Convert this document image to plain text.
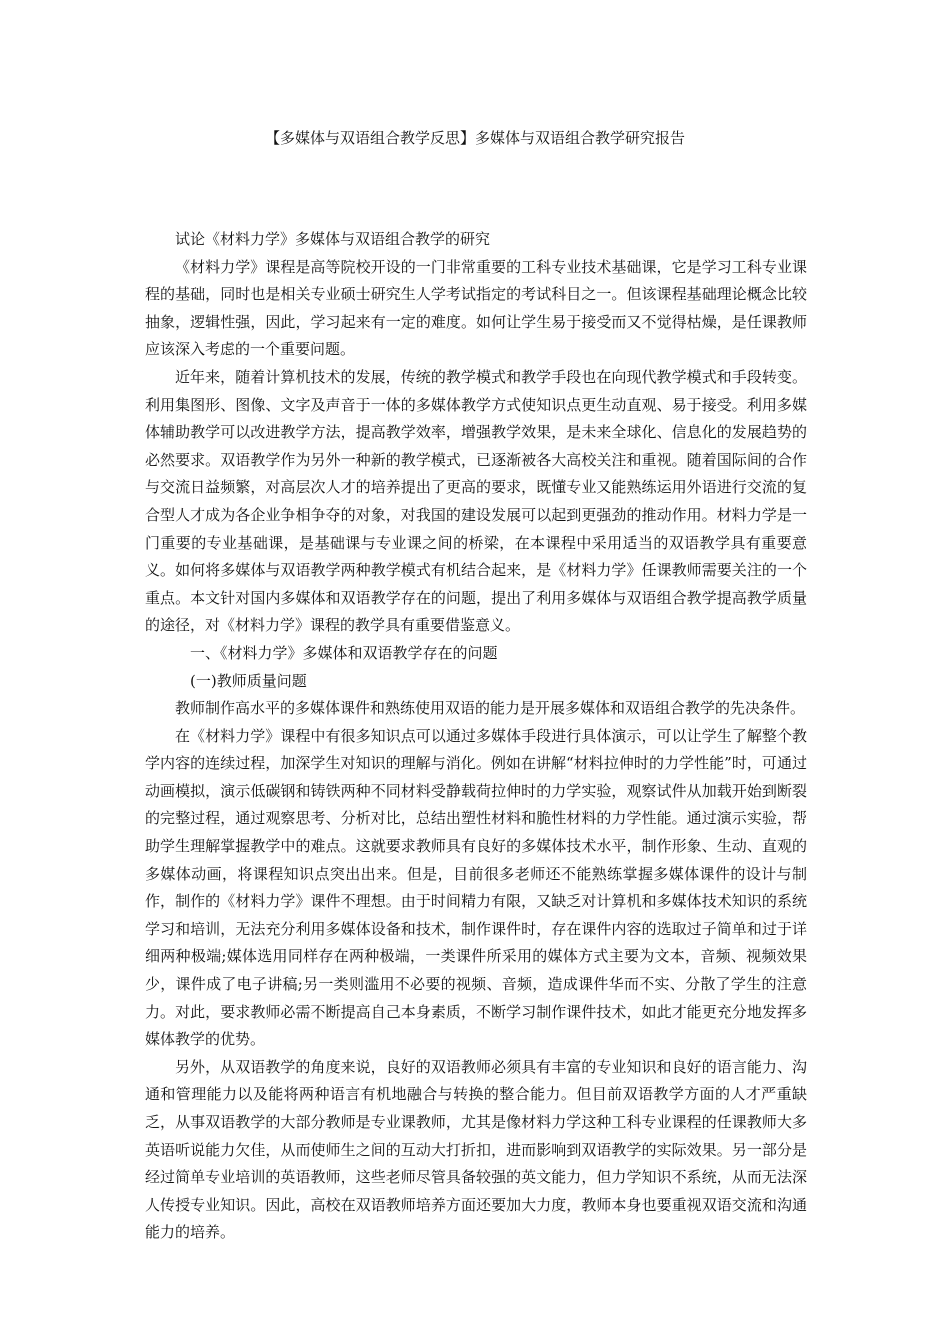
【多媒体与双语组合教学反思】多媒体与双语组合教学研究报告

试论《材料力学》多媒体与双语组合教学的研究

《材料力学》课程是高等院校开设的一门非常重要的工科专业技术基础课，它是学习工科专业课程的基础，同时也是相关专业硕士研究生人学考试指定的考试科目之一。但该课程基础理论概念比较抽象，逻辑性强，因此，学习起来有一定的难度。如何让学生易于接受而又不觉得枯燥，是任课教师应该深入考虑的一个重要问题。

近年来，随着计算机技术的发展，传统的教学模式和教学手段也在向现代教学模式和手段转变。利用集图形、图像、文字及声音于一体的多媒体教学方式使知识点更生动直观、易于接受。利用多媒体辅助教学可以改进教学方法，提高教学效率，增强教学效果，是未来全球化、信息化的发展趋势的必然要求。双语教学作为另外一种新的教学模式，已逐渐被各大高校关注和重视。随着国际间的合作与交流日益频繁，对高层次人才的培养提出了更高的要求，既懂专业又能熟练运用外语进行交流的复合型人才成为各企业争相争夺的对象，对我国的建设发展可以起到更强劲的推动作用。材料力学是一门重要的专业基础课，是基础课与专业课之间的桥梁，在本课程中采用适当的双语教学具有重要意义。如何将多媒体与双语教学两种教学模式有机结合起来，是《材料力学》任课教师需要关注的一个重点。本文针对国内多媒体和双语教学存在的问题，提出了利用多媒体与双语组合教学提高教学质量的途径，对《材料力学》课程的教学具有重要借鉴意义。

一、《材料力学》多媒体和双语教学存在的问题

(一)教师质量问题

教师制作高水平的多媒体课件和熟练使用双语的能力是开展多媒体和双语组合教学的先决条件。

在《材料力学》课程中有很多知识点可以通过多媒体手段进行具体演示，可以让学生了解整个教学内容的连续过程，加深学生对知识的理解与消化。例如在讲解“材料拉伸时的力学性能”时，可通过动画模拟，演示低碳钢和铸铁两种不同材料受静载荷拉伸时的力学实验，观察试件从加载开始到断裂的完整过程，通过观察思考、分析对比，总结出塑性材料和脆性材料的力学性能。通过演示实验，帮助学生理解掌握教学中的难点。这就要求教师具有良好的多媒体技术水平，制作形象、生动、直观的多媒体动画，将课程知识点突出出来。但是，目前很多老师还不能熟练掌握多媒体课件的设计与制作，制作的《材料力学》课件不理想。由于时间精力有限，又缺乏对计算机和多媒体技术知识的系统学习和培训，无法充分利用多媒体设备和技术，制作课件时，存在课件内容的选取过子简单和过于详细两种极端;媒体选用同样存在两种极端，一类课件所采用的媒体方式主要为文本，音频、视频效果少，课件成了电子讲稿;另一类则滥用不必要的视频、音频，造成课件华而不实、分散了学生的注意力。对此，要求教师必需不断提高自己本身素质，不断学习制作课件技术，如此才能更充分地发挥多媒体教学的优势。

另外，从双语教学的角度来说，良好的双语教师必须具有丰富的专业知识和良好的语言能力、沟通和管理能力以及能将两种语言有机地融合与转换的整合能力。但目前双语教学方面的人才严重缺乏，从事双语教学的大部分教师是专业课教师，尤其是像材料力学这种工科专业课程的任课教师大多英语听说能力欠佳，从而使师生之间的互动大打折扣，进而影响到双语教学的实际效果。另一部分是经过简单专业培训的英语教师，这些老师尽管具备较强的英文能力，但力学知识不系统，从而无法深人传授专业知识。因此，高校在双语教师培养方面还要加大力度，教师本身也要重视双语交流和沟通能力的培养。
